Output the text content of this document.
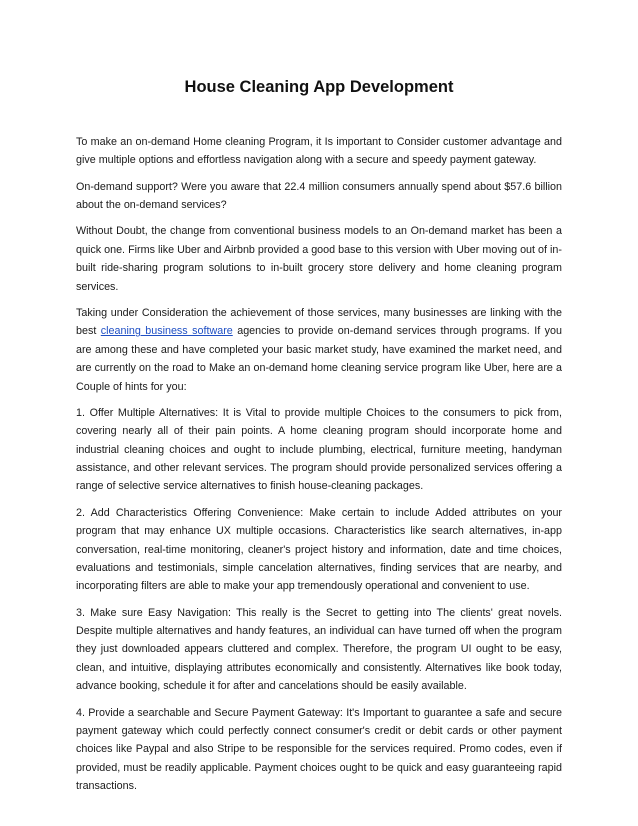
House Cleaning App Development

To make an on-demand Home cleaning Program, it Is important to Consider customer advantage and give multiple options and effortless navigation along with a secure and speedy payment gateway.

On-demand support? Were you aware that 22.4 million consumers annually spend about $57.6 billion about the on-demand services?

Without Doubt, the change from conventional business models to an On-demand market has been a quick one. Firms like Uber and Airbnb provided a good base to this version with Uber moving out of in-built ride-sharing program solutions to in-built grocery store delivery and home cleaning program services.

Taking under Consideration the achievement of those services, many businesses are linking with the best cleaning business software agencies to provide on-demand services through programs. If you are among these and have completed your basic market study, have examined the market need, and are currently on the road to Make an on-demand home cleaning service program like Uber, here are a Couple of hints for you:

1. Offer Multiple Alternatives: It is Vital to provide multiple Choices to the consumers to pick from, covering nearly all of their pain points. A home cleaning program should incorporate home and industrial cleaning choices and ought to include plumbing, electrical, furniture meeting, handyman assistance, and other relevant services. The program should provide personalized services offering a range of selective service alternatives to finish house-cleaning packages.

2. Add Characteristics Offering Convenience: Make certain to include Added attributes on your program that may enhance UX multiple occasions. Characteristics like search alternatives, in-app conversation, real-time monitoring, cleaner's project history and information, date and time choices, evaluations and testimonials, simple cancelation alternatives, finding services that are nearby, and incorporating filters are able to make your app tremendously operational and convenient to use.

3. Make sure Easy Navigation: This really is the Secret to getting into The clients' great novels. Despite multiple alternatives and handy features, an individual can have turned off when the program they just downloaded appears cluttered and complex. Therefore, the program UI ought to be easy, clean, and intuitive, displaying attributes economically and consistently. Alternatives like book today, advance booking, schedule it for after and cancelations should be easily available.

4. Provide a searchable and Secure Payment Gateway: It's Important to guarantee a safe and secure payment gateway which could perfectly connect consumer's credit or debit cards or other payment choices like Paypal and also Stripe to be responsible for the services required. Promo codes, even if provided, must be readily applicable. Payment choices ought to be quick and easy guaranteeing rapid transactions.
